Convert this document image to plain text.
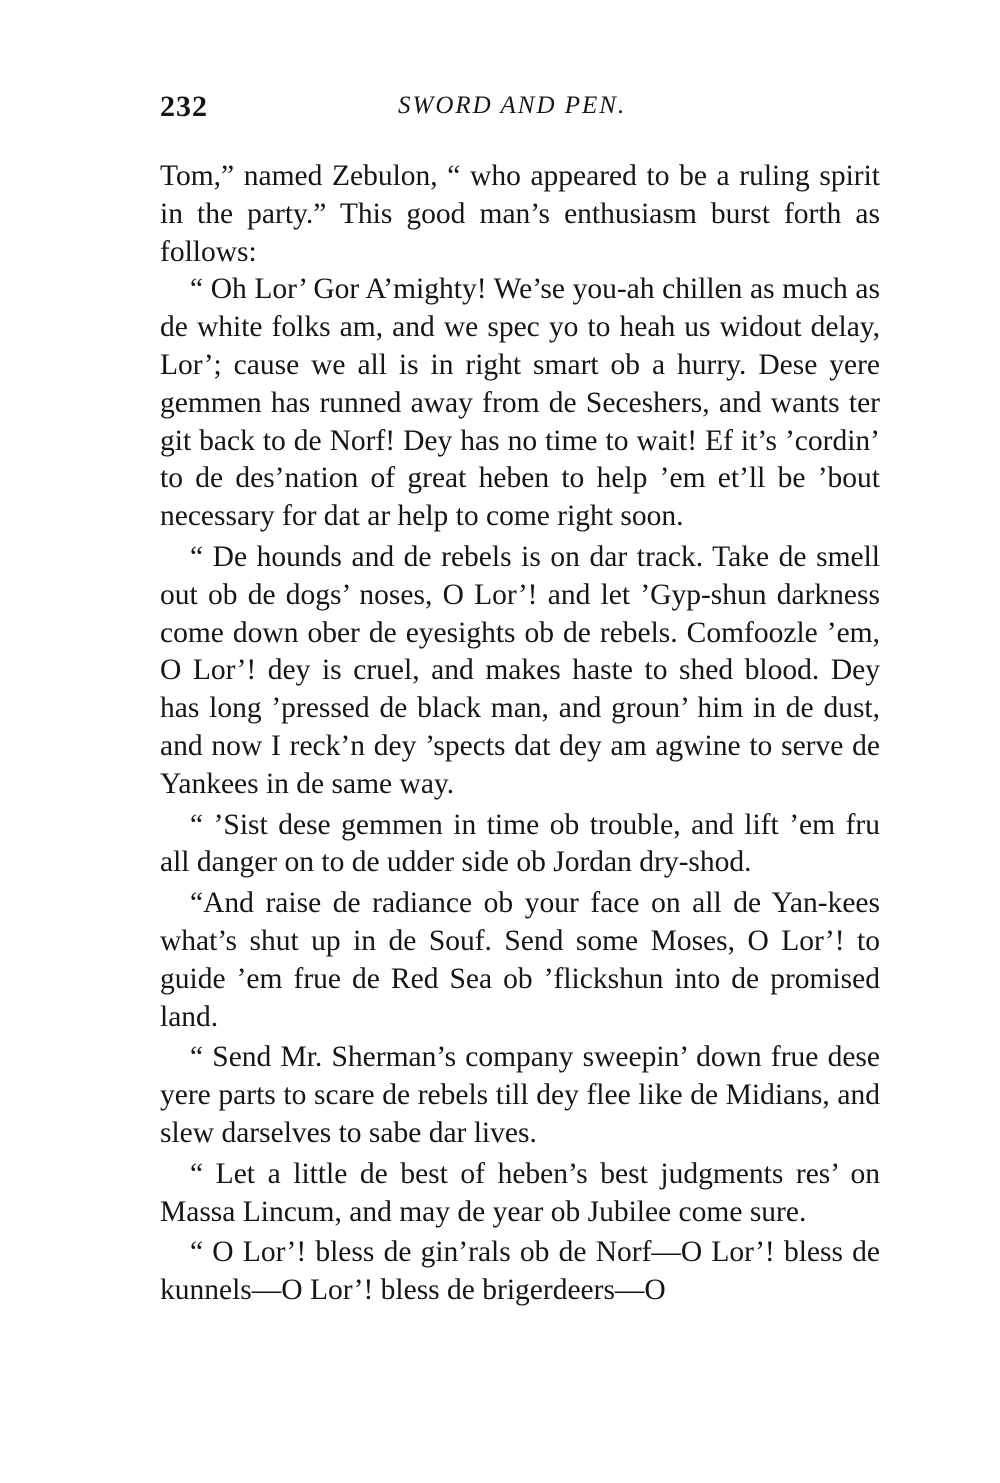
232	SWORD AND PEN.

Tom,” named Zebulon, “ who appeared to be a ruling spirit in the party.” This good man’s enthusiasm burst forth as follows:

“ Oh Lor’ Gor A’mighty! We’se you-ah chillen as much as de white folks am, and we spec yo to heah us widout delay, Lor’; cause we all is in right smart ob a hurry. Dese yere gemmen has runned away from de Seceshers, and wants ter git back to de Norf! Dey has no time to wait! Ef it’s ’cordin’ to de des’nation of great heben to help ’em et’ll be ’bout necessary for dat ar help to come right soon.

“ De hounds and de rebels is on dar track. Take de smell out ob de dogs’ noses, O Lor’! and let ’Gyp-shun darkness come down ober de eyesights ob de rebels. Comfoozle ’em, O Lor’! dey is cruel, and makes haste to shed blood. Dey has long ’pressed de black man, and groun’ him in de dust, and now I reck’n dey ’spects dat dey am agwine to serve de Yankees in de same way.

“ ’Sist dese gemmen in time ob trouble, and lift ’em fru all danger on to de udder side ob Jordan dry-shod.

“And raise de radiance ob your face on all de Yan-kees what’s shut up in de Souf. Send some Moses, O Lor’! to guide ’em frue de Red Sea ob ’flickshun into de promised land.

“ Send Mr. Sherman’s company sweepin’ down frue dese yere parts to scare de rebels till dey flee like de Midians, and slew darselves to sabe dar lives.

“ Let a little de best of heben’s best judgments res’ on Massa Lincum, and may de year ob Jubilee come sure.

“ O Lor’! bless de gin’rals ob de Norf—O Lor’! bless de kunnels—O Lor’! bless de brigerdeers—O
